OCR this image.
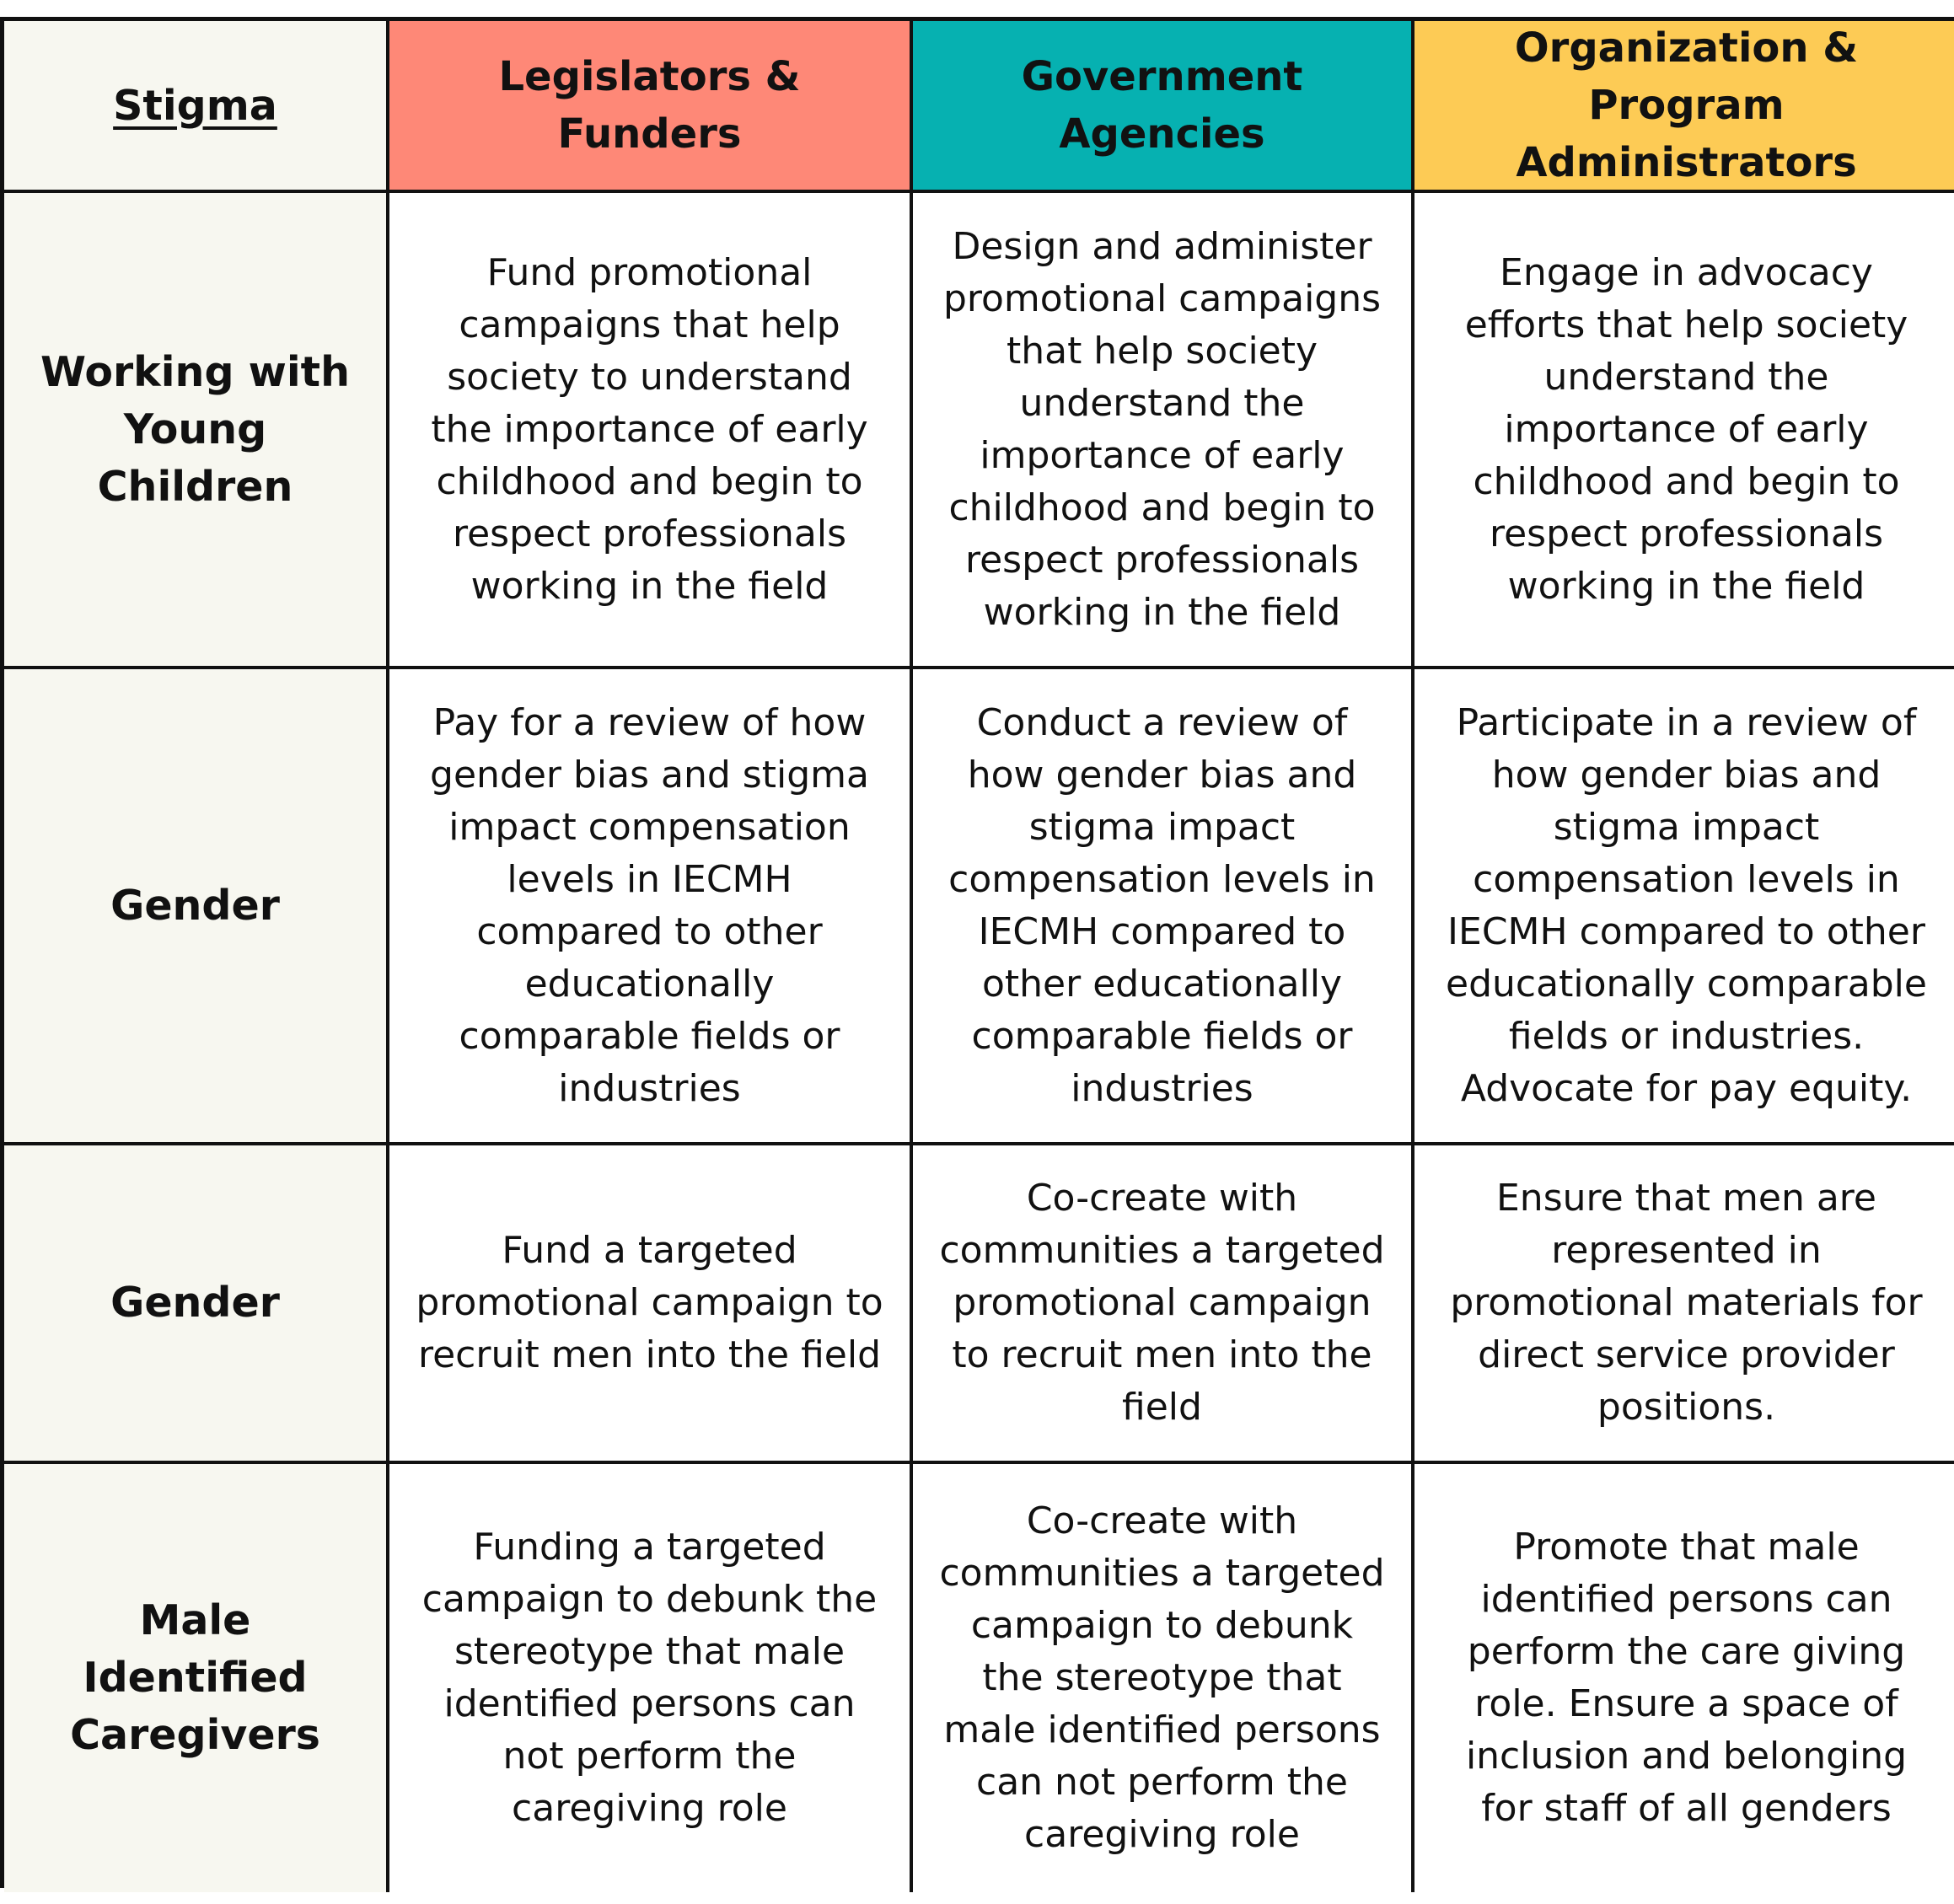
Stigma
Legislators & Funders
Government Agencies
Organization & Program Administrators
Working with Young Children
Fund promotional campaigns that help society to understand the importance of early childhood and begin to respect professionals working in the field
Design and administer promotional campaigns that help society understand the importance of early childhood and begin to respect professionals working in the field
Engage in advocacy efforts that help society understand the importance of early childhood and begin to respect professionals working in the field
Gender
Pay for a review of how gender bias and stigma impact compensation levels in IECMH compared to other educationally comparable fields or industries
Conduct a review of how gender bias and stigma impact compensation levels in IECMH compared to other educationally comparable fields or industries
Participate in a review of how gender bias and stigma impact compensation levels in IECMH compared to other educationally comparable fields or industries. Advocate for pay equity.
Gender
Fund a targeted promotional campaign to recruit men into the field
Co-create with communities a targeted promotional campaign to recruit men into the field
Ensure that men are represented in promotional materials for direct service provider positions.
Male Identified Caregivers
Funding a targeted campaign to debunk the stereotype that male identified persons can not perform the caregiving role
Co-create with communities a targeted campaign to debunk the stereotype that male identified persons can not perform the caregiving role
Promote that male identified persons can perform the care giving role. Ensure a space of inclusion and belonging for staff of all genders
